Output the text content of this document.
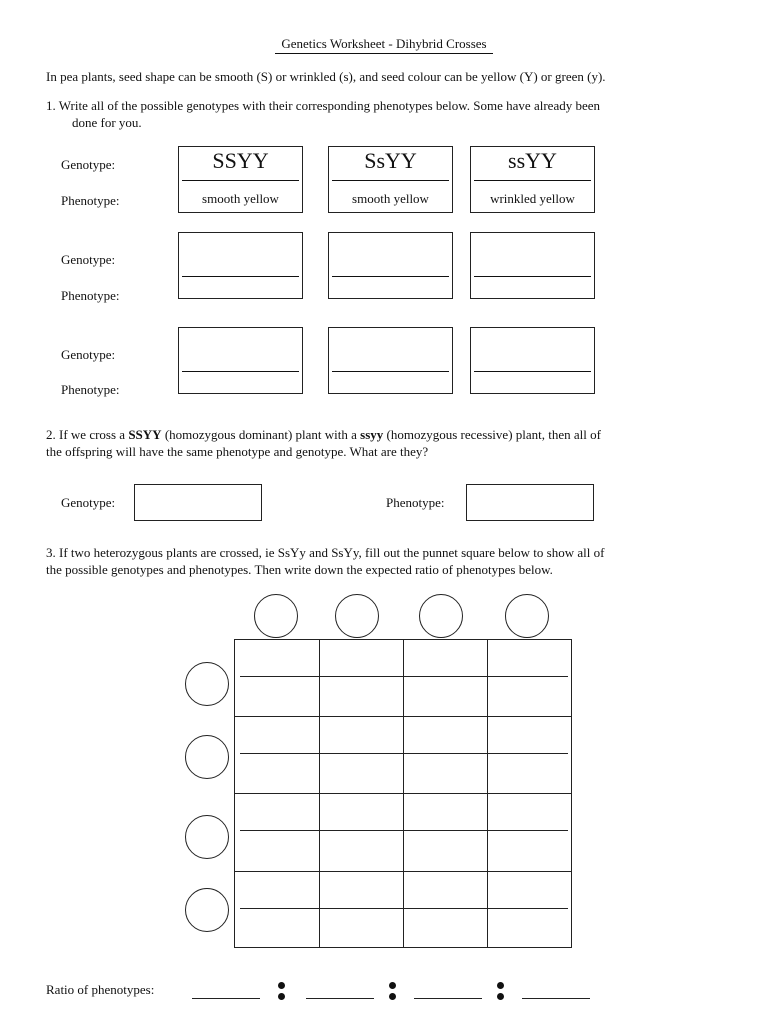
Genetics Worksheet - Dihybrid Crosses
In pea plants, seed shape can be smooth (S) or wrinkled (s), and seed colour can be yellow (Y) or green (y).
1. Write all of the possible genotypes with their corresponding phenotypes below. Some have already been
done for you.
Genotype:
Phenotype:
Genotype:
Phenotype:
Genotype:
Phenotype:
SSYY
smooth yellow
SsYY
smooth yellow
ssYY
wrinkled yellow
2. If we cross a SSYY (homozygous dominant) plant with a ssyy (homozygous recessive) plant, then all of
the offspring will have the same phenotype and genotype. What are they?
Genotype:	Phenotype:
3. If two heterozygous plants are crossed, ie SsYy and SsYy, fill out the punnet square below to show all of
the possible genotypes and phenotypes. Then write down the expected ratio of phenotypes below.
Ratio of phenotypes:
